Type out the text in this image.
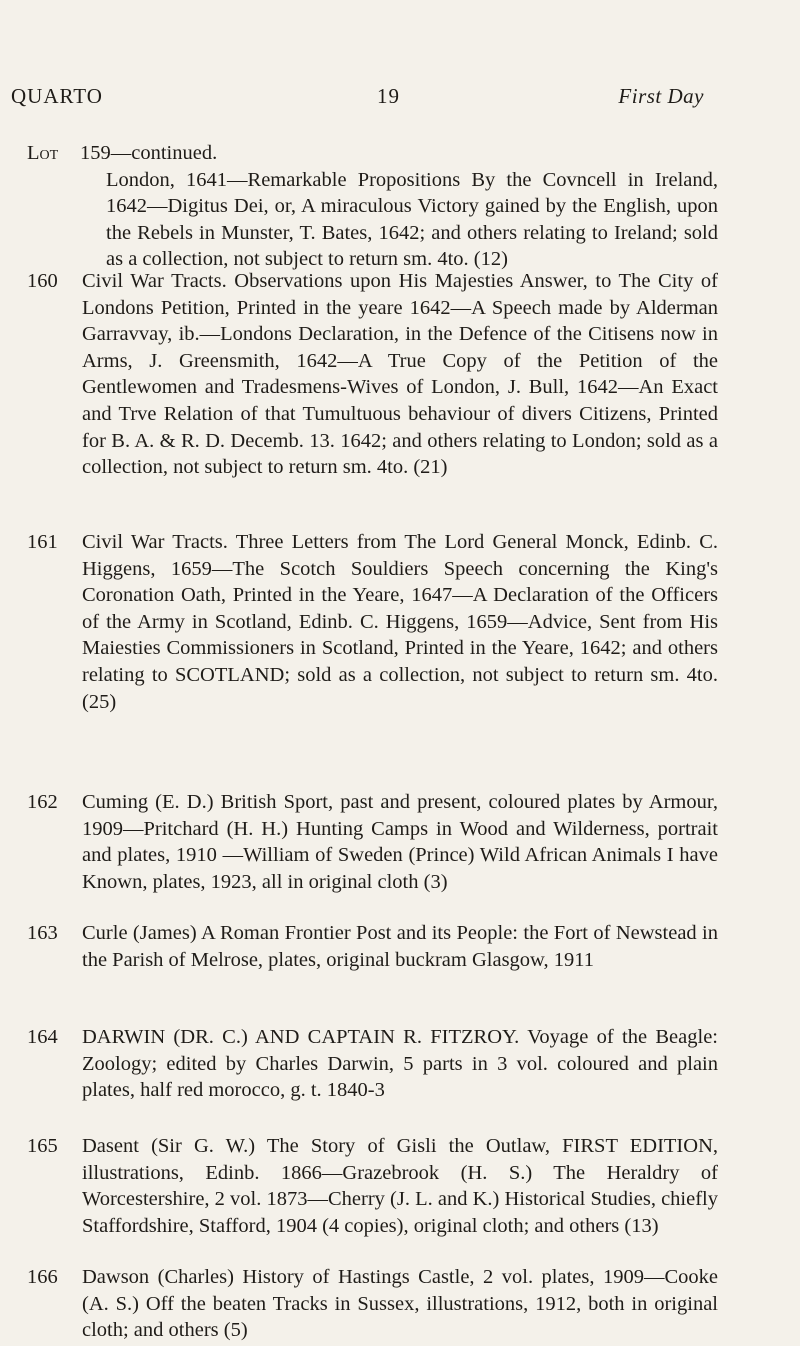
QUARTO	19	First Day
Lot 159—continued.
London, 1641—Remarkable Propositions By the Covncell in Ireland, 1642—Digitus Dei, or, A miraculous Victory gained by the English, upon the Rebels in Munster, T. Bates, 1642; and others relating to Ireland; sold as a collection, not subject to return sm. 4to. (12)
160 Civil War Tracts. Observations upon His Majesties Answer, to The City of Londons Petition, Printed in the yeare 1642—A Speech made by Alderman Garravvay, ib.—Londons Declaration, in the Defence of the Citisens now in Arms, J. Greensmith, 1642—A True Copy of the Petition of the Gentlewomen and Tradesmens-Wives of London, J. Bull, 1642—An Exact and Trve Relation of that Tumultuous behaviour of divers Citizens, Printed for B. A. & R. D. Decemb. 13. 1642; and others relating to London; sold as a collection, not subject to return sm. 4to. (21)
161 Civil War Tracts. Three Letters from The Lord General Monck, Edinb. C. Higgens, 1659—The Scotch Souldiers Speech concerning the King's Coronation Oath, Printed in the Yeare, 1647—A Declaration of the Officers of the Army in Scotland, Edinb. C. Higgens, 1659—Advice, Sent from His Maiesties Commissioners in Scotland, Printed in the Yeare, 1642; and others relating to SCOTLAND; sold as a collection, not subject to return sm. 4to. (25)
162 Cuming (E. D.) British Sport, past and present, coloured plates by Armour, 1909—Pritchard (H. H.) Hunting Camps in Wood and Wilderness, portrait and plates, 1910 —William of Sweden (Prince) Wild African Animals I have Known, plates, 1923, all in original cloth (3)
163 Curle (James) A Roman Frontier Post and its People: the Fort of Newstead in the Parish of Melrose, plates, original buckram Glasgow, 1911
164 DARWIN (DR. C.) AND CAPTAIN R. FITZROY. Voyage of the Beagle: Zoology; edited by Charles Darwin, 5 parts in 3 vol. coloured and plain plates, half red morocco, g. t. 1840-3
165 Dasent (Sir G. W.) The Story of Gisli the Outlaw, FIRST EDITION, illustrations, Edinb. 1866—Grazebrook (H. S.) The Heraldry of Worcestershire, 2 vol. 1873—Cherry (J. L. and K.) Historical Studies, chiefly Staffordshire, Stafford, 1904 (4 copies), original cloth; and others (13)
166 Dawson (Charles) History of Hastings Castle, 2 vol. plates, 1909—Cooke (A. S.) Off the beaten Tracks in Sussex, illustrations, 1912, both in original cloth; and others (5)
